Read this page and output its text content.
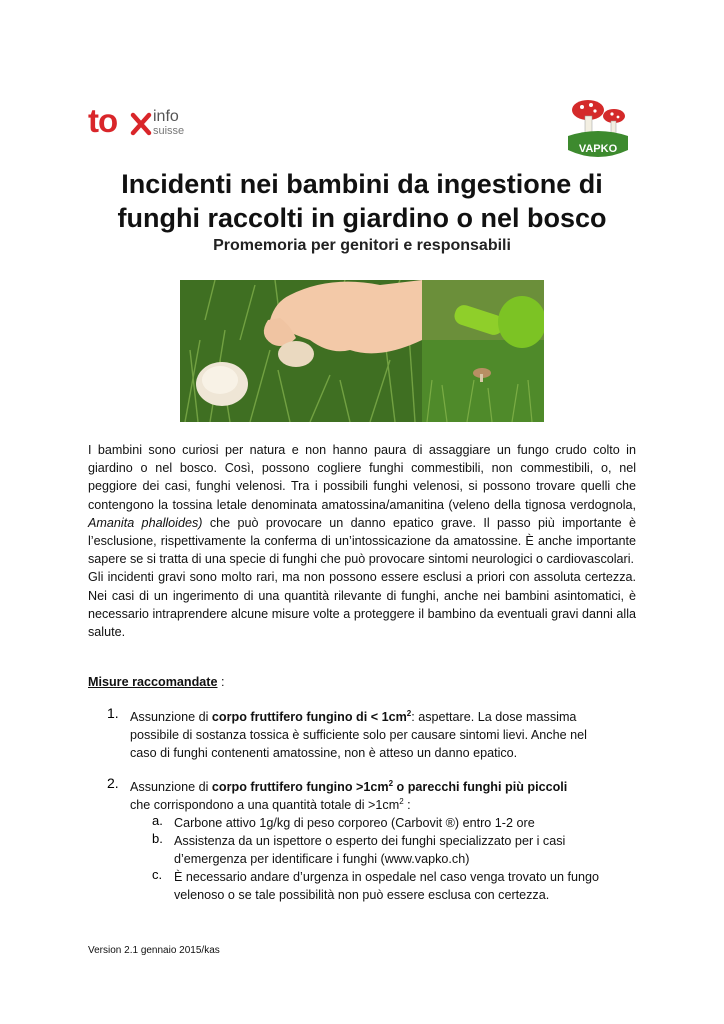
to info
suisse
VAPKO
Incidenti nei bambini da ingestione di
funghi raccolti in giardino o nel bosco
Promemoria per genitori e responsabili

I bambini sono curiosi per natura e non hanno paura di assaggiare un fungo crudo colto in giardino o nel bosco. Così, possono cogliere funghi commestibili, non commestibili, o, nel peggiore dei casi, funghi velenosi. Tra i possibili funghi velenosi, si possono trovare quelli che contengono la tossina letale denominata amatossina/amanitina (veleno della tignosa verdognola, Amanita phalloides) che può provocare un danno epatico grave. Il passo più importante è l’esclusione, rispettivamente la conferma di un’intossicazione da amatossine. È anche importante sapere se si tratta di una specie di funghi che può provocare sintomi neurologici o cardiovascolari.

Gli incidenti gravi sono molto rari, ma non possono essere esclusi a priori con assoluta certezza. Nei casi di un ingerimento di una quantità rilevante di funghi, anche nei bambini asintomatici, è necessario intraprendere alcune misure volte a proteggere il bambino da eventuali gravi danni alla salute.

Misure raccomandate :
1. Assunzione di corpo fruttifero fungino di < $1cm^2$: aspettare. La dose massima
possibile di sostanza tossica è sufficiente solo per causare sintomi lievi. Anche nel
caso di funghi contenenti amatossine, non è atteso un danno epatico.
2. Assunzione di corpo fruttifero fungino $>1cm^2$ o parecchi funghi più piccoli
che corrispondono a una quantità totale di $>1cm^2$ :
a. Carbone attivo 1g/kg di peso corporeo (Carbovit ®) entro 1-2 ore
b. Assistenza da un ispettore o esperto dei funghi specializzato per i casi
d’emergenza per identificare i funghi (www.vapko.ch)
c. È necessario andare d’urgenza in ospedale nel caso venga trovato un fungo
velenoso o se tale possibilità non può essere esclusa con certezza.
Version 2.1 gennaio 2015/kas
